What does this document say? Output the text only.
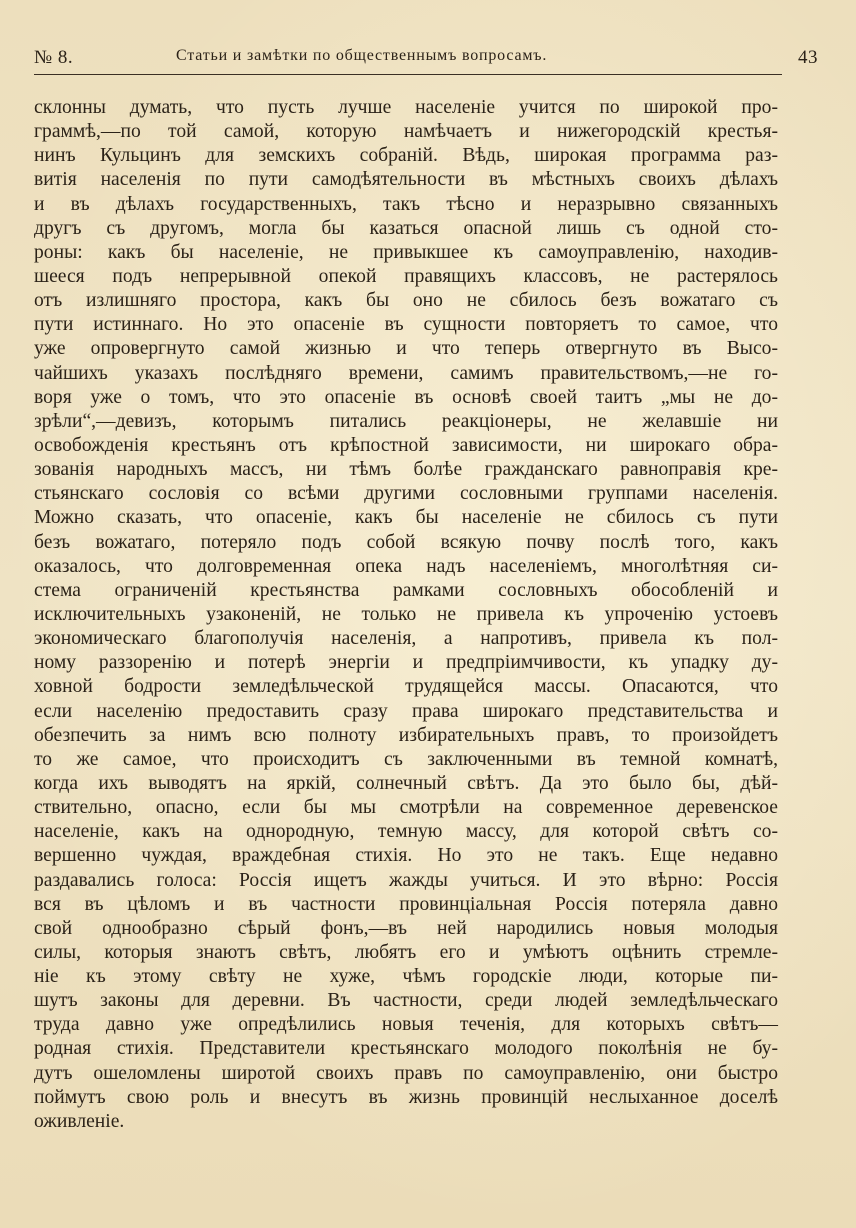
№ 8.	Статьи и замѣтки по общественнымъ вопросамъ.	43
склонны думать, что пусть лучше населеніе учится по широкой про-
граммѣ,—по той самой, которую намѣчаетъ и нижегородскій крестья-
нинъ Кульцинъ для земскихъ собраній. Вѣдь, широкая программа раз-
витія населенія по пути самодѣятельности въ мѣстныхъ своихъ дѣлахъ
и въ дѣлахъ государственныхъ, такъ тѣсно и неразрывно связанныхъ
другъ съ другомъ, могла бы казаться опасной лишь съ одной сто-
роны: какъ бы населеніе, не привыкшее къ самоуправленію, находив-
шееся подъ непрерывной опекой правящихъ классовъ, не растерялось
отъ излишняго простора, какъ бы оно не сбилось безъ вожатаго съ
пути истиннаго. Но это опасеніе въ сущности повторяетъ то самое, что
уже опровергнуто самой жизнью и что теперь отвергнуто въ Высо-
чайшихъ указахъ послѣдняго времени, самимъ правительствомъ,—не го-
воря уже о томъ, что это опасеніе въ основѣ своей таитъ „мы не до-
зрѣли“,—девизъ, которымъ питались реакціонеры, не желавшіе ни
освобожденія крестьянъ отъ крѣпостной зависимости, ни широкаго обра-
зованія народныхъ массъ, ни тѣмъ болѣе гражданскаго равноправія кре-
стьянскаго сословія со всѣми другими сословными группами населенія.
Можно сказать, что опасеніе, какъ бы населеніе не сбилось съ пути
безъ вожатаго, потеряло подъ собой всякую почву послѣ того, какъ
оказалось, что долговременная опека надъ населеніемъ, многолѣтняя си-
стема ограниченій крестьянства рамками сословныхъ обособленій и
исключительныхъ узаконеній, не только не привела къ упроченію устоевъ
экономическаго благополучія населенія, а напротивъ, привела къ пол-
ному раззоренію и потерѣ энергіи и предпріимчивости, къ упадку ду-
ховной бодрости земледѣльческой трудящейся массы. Опасаются, что
если населенію предоставить сразу права широкаго представительства и
обезпечить за нимъ всю полноту избирательныхъ правъ, то произойдетъ
то же самое, что происходитъ съ заключенными въ темной комнатѣ,
когда ихъ выводятъ на яркій, солнечный свѣтъ. Да это было бы, дѣй-
ствительно, опасно, если бы мы смотрѣли на современное деревенское
населеніе, какъ на однородную, темную массу, для которой свѣтъ со-
вершенно чуждая, враждебная стихія. Но это не такъ. Еще недавно
раздавались голоса: Россія ищетъ жажды учиться. И это вѣрно: Россія
вся въ цѣломъ и въ частности провинціальная Россія потеряла давно
свой однообразно сѣрый фонъ,—въ ней народились новыя молодыя
силы, которыя знаютъ свѣтъ, любятъ его и умѣютъ оцѣнить стремле-
ніе къ этому свѣту не хуже, чѣмъ городскіе люди, которые пи-
шутъ законы для деревни. Въ частности, среди людей земледѣльческаго
труда давно уже опредѣлились новыя теченія, для которыхъ свѣтъ—
родная стихія. Представители крестьянскаго молодого поколѣнія не бу-
дутъ ошеломлены широтой своихъ правъ по самоуправленію, они быстро
поймутъ свою роль и внесутъ въ жизнь провинцій неслыханное доселѣ
оживленіе.
